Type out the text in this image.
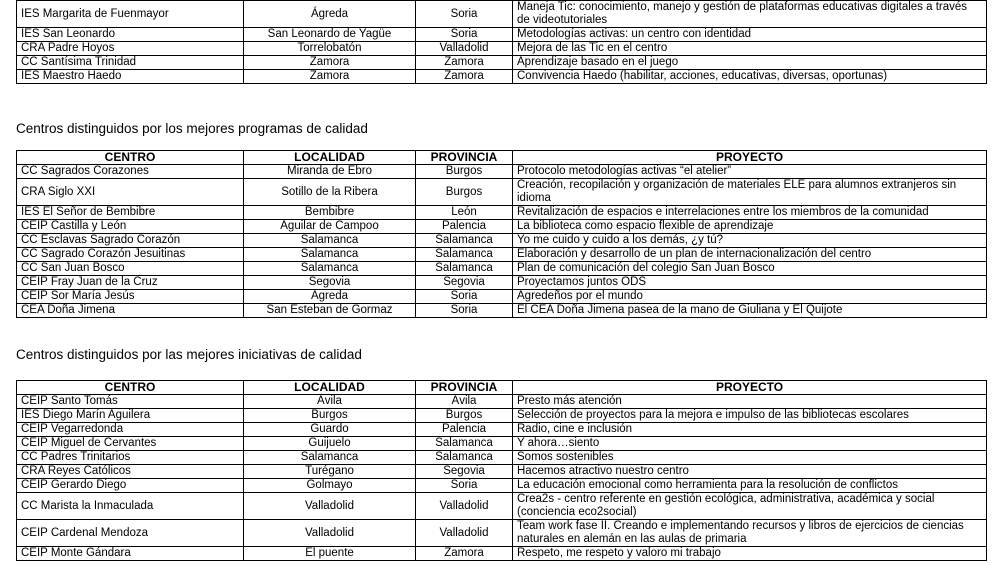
IES Margarita de Fuenmayor	Ágreda	Soria	Maneja Tic: conocimiento, manejo y gestión de plataformas educativas digitales a través de videotutoriales
IES San Leonardo	San Leonardo de Yagüe	Soria	Metodologías activas: un centro con identidad
CRA Padre Hoyos	Torrelobatón	Valladolid	Mejora de las Tic en el centro
CC Santísima Trinidad	Zamora	Zamora	Aprendizaje basado en el juego
IES Maestro Haedo	Zamora	Zamora	Convivencia Haedo (habilitar, acciones, educativas, diversas, oportunas)

Centros distinguidos por los mejores programas de calidad

CENTRO	LOCALIDAD	PROVINCIA	PROYECTO
CC Sagrados Corazones	Miranda de Ebro	Burgos	Protocolo metodologías activas “el atelier”
CRA Siglo XXI	Sotillo de la Ribera	Burgos	Creación, recopilación y organización de materiales ELE para alumnos extranjeros sin idioma
IES El Señor de Bembibre	Bembibre	León	Revitalización de espacios e interrelaciones entre los miembros de la comunidad
CEIP Castilla y León	Aguilar de Campoo	Palencia	La biblioteca como espacio flexible de aprendizaje
CC Esclavas Sagrado Corazón	Salamanca	Salamanca	Yo me cuido y cuido a los demás, ¿y tú?
CC Sagrado Corazón Jesuitinas	Salamanca	Salamanca	Elaboración y desarrollo de un plan de internacionalización del centro
CC San Juan Bosco	Salamanca	Salamanca	Plan de comunicación del colegio San Juan Bosco
CEIP Fray Juan de la Cruz	Segovia	Segovia	Proyectamos juntos ODS
CEIP Sor María Jesús	Ágreda	Soria	Agredeños por el mundo
CEA Doña Jimena	San Esteban de Gormaz	Soria	El CEA Doña Jimena pasea de la mano de Giuliana y El Quijote

Centros distinguidos por las mejores iniciativas de calidad

CENTRO	LOCALIDAD	PROVINCIA	PROYECTO
CEIP Santo Tomás	Ávila	Ávila	Presto más atención
IES Diego Marín Aguilera	Burgos	Burgos	Selección de proyectos para la mejora e impulso de las bibliotecas escolares
CEIP Vegarredonda	Guardo	Palencia	Radio, cine e inclusión
CEIP Miguel de Cervantes	Guijuelo	Salamanca	Y ahora…siento
CC Padres Trinitarios	Salamanca	Salamanca	Somos sostenibles
CRA Reyes Católicos	Turégano	Segovia	Hacemos atractivo nuestro centro
CEIP Gerardo Diego	Golmayo	Soria	La educación emocional como herramienta para la resolución de conflictos
CC Marista la Inmaculada	Valladolid	Valladolid	Crea2s - centro referente en gestión ecológica, administrativa, académica y social (conciencia eco2social)
CEIP Cardenal Mendoza	Valladolid	Valladolid	Team work fase II. Creando e implementando recursos y libros de ejercicios de ciencias naturales en alemán en las aulas de primaria
CEIP Monte Gándara	El puente	Zamora	Respeto, me respeto y valoro mi trabajo
